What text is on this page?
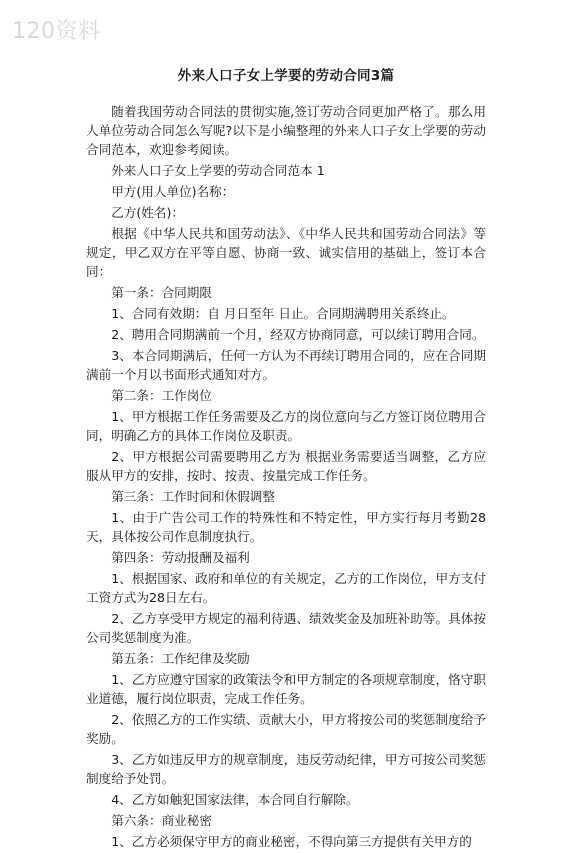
120资料
外来人口子女上学要的劳动合同3篇

随着我国劳动合同法的贯彻实施,签订劳动合同更加严格了。那么用人单位劳动合同怎么写呢?以下是小编整理的外来人口子女上学要的劳动合同范本，欢迎参考阅读。

外来人口子女上学要的劳动合同范本 1

甲方(用人单位)名称：

乙方(姓名)：

根据《中华人民共和国劳动法》、《中华人民共和国劳动合同法》等规定，甲乙双方在平等自愿、协商一致、诚实信用的基础上，签订本合同：

第一条：合同期限

1、合同有效期：自 月日至年 日止。合同期满聘用关系终止。

2、聘用合同期满前一个月，经双方协商同意，可以续订聘用合同。

3、本合同期满后，任何一方认为不再续订聘用合同的，应在合同期满前一个月以书面形式通知对方。

第二条：工作岗位

1、甲方根据工作任务需要及乙方的岗位意向与乙方签订岗位聘用合同，明确乙方的具体工作岗位及职责。

2、甲方根据公司需要聘用乙方为 根据业务需要适当调整，乙方应服从甲方的安排，按时、按责、按量完成工作任务。

第三条：工作时间和休假调整

1、由于广告公司工作的特殊性和不特定性，甲方实行每月考勤28天，具体按公司作息制度执行。

第四条：劳动报酬及福利

1、根据国家、政府和单位的有关规定，乙方的工作岗位，甲方支付工资方式为28日左右。

2、乙方享受甲方规定的福利待遇、绩效奖金及加班补助等。具体按公司奖惩制度为准。

第五条：工作纪律及奖励

1、乙方应遵守国家的政策法令和甲方制定的各项规章制度，恪守职业道德，履行岗位职责，完成工作任务。

2、依照乙方的工作实绩、贡献大小，甲方将按公司的奖惩制度给予奖励。

3、乙方如违反甲方的规章制度，违反劳动纪律，甲方可按公司奖惩制度给予处罚。

4、乙方如触犯国家法律，本合同自行解除。

第六条：商业秘密

1、乙方必须保守甲方的商业秘密，不得向第三方提供有关甲方的
